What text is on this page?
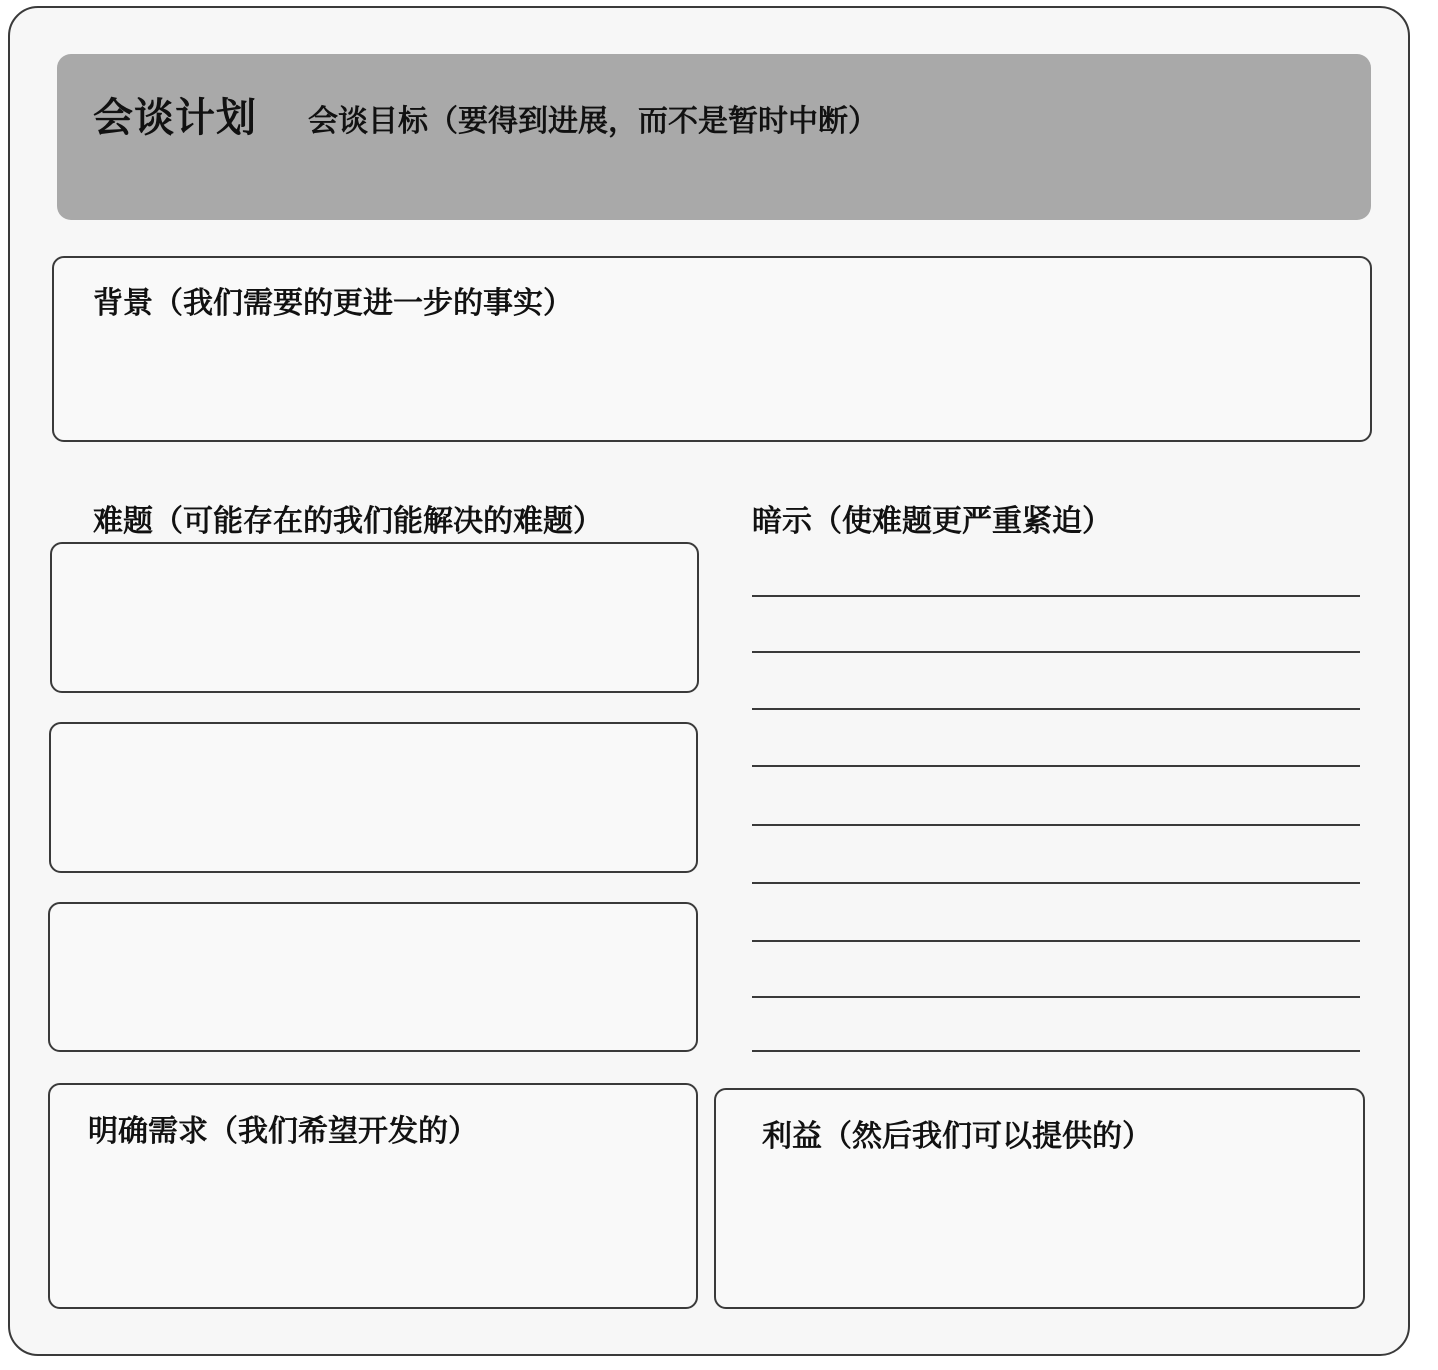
会谈计划 会谈目标（要得到进展，而不是暂时中断）
背景（我们需要的更进一步的事实）
难题（可能存在的我们能解决的难题）	暗示（使难题更严重紧迫）
明确需求（我们希望开发的）	利益（然后我们可以提供的）
